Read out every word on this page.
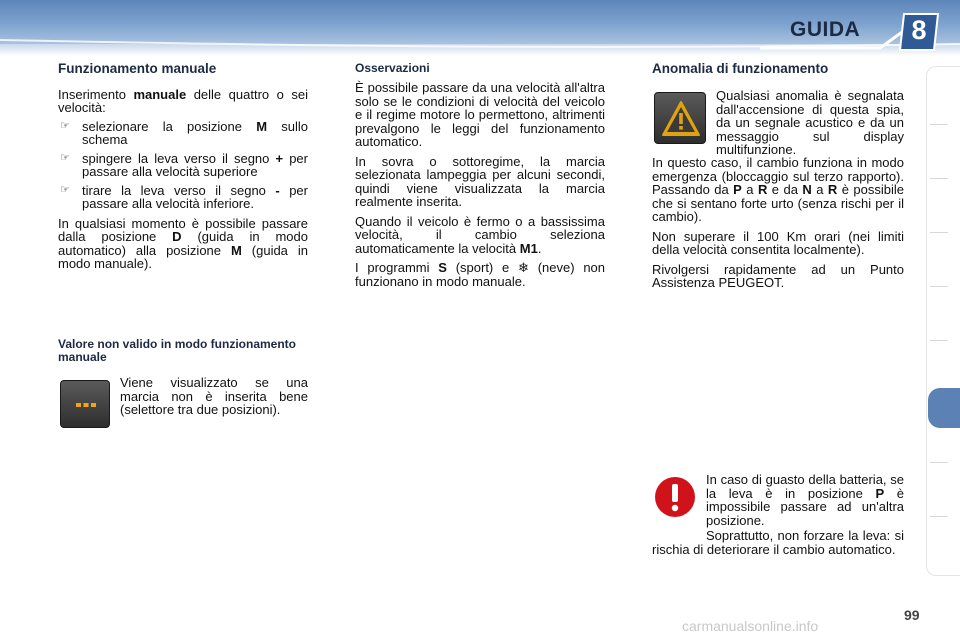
GUIDA	8
Funzionamento manuale
Inserimento manuale delle quattro o sei velocità:
☞ selezionare la posizione M sullo schema
☞ spingere la leva verso il segno + per passare alla velocità superiore
☞ tirare la leva verso il segno - per passare alla velocità inferiore.
In qualsiasi momento è possibile passare dalla posizione D (guida in modo automatico) alla posizione M (guida in modo manuale).
Valore non valido in modo funzionamento manuale
Viene visualizzato se una marcia non è inserita bene (selettore tra due posizioni).
Osservazioni
È possibile passare da una velocità all'altra solo se le condizioni di velocità del veicolo e il regime motore lo permettono, altrimenti prevalgono le leggi del funzionamento automatico.
In sovra o sottoregime, la marcia selezionata lampeggia per alcuni secondi, quindi viene visualizzata la marcia realmente inserita.
Quando il veicolo è fermo o a bassissima velocità, il cambio seleziona automaticamente la velocità M1.
I programmi S (sport) e ❄ (neve) non funzionano in modo manuale.
Anomalia di funzionamento
Qualsiasi anomalia è segnalata dall'accensione di questa spia, da un segnale acustico e da un messaggio sul display multifunzione.
In questo caso, il cambio funziona in modo emergenza (bloccaggio sul terzo rapporto). Passando da P a R e da N a R è possibile che si sentano forte urto (senza rischi per il cambio).
Non superare il 100 Km orari (nei limiti della velocità consentita localmente).
Rivolgersi rapidamente ad un Punto Assistenza PEUGEOT.
In caso di guasto della batteria, se la leva è in posizione P è impossibile passare ad un'altra posizione.
Soprattutto, non forzare la leva: si rischia di deteriorare il cambio automatico.
99
carmanualsonline.info
